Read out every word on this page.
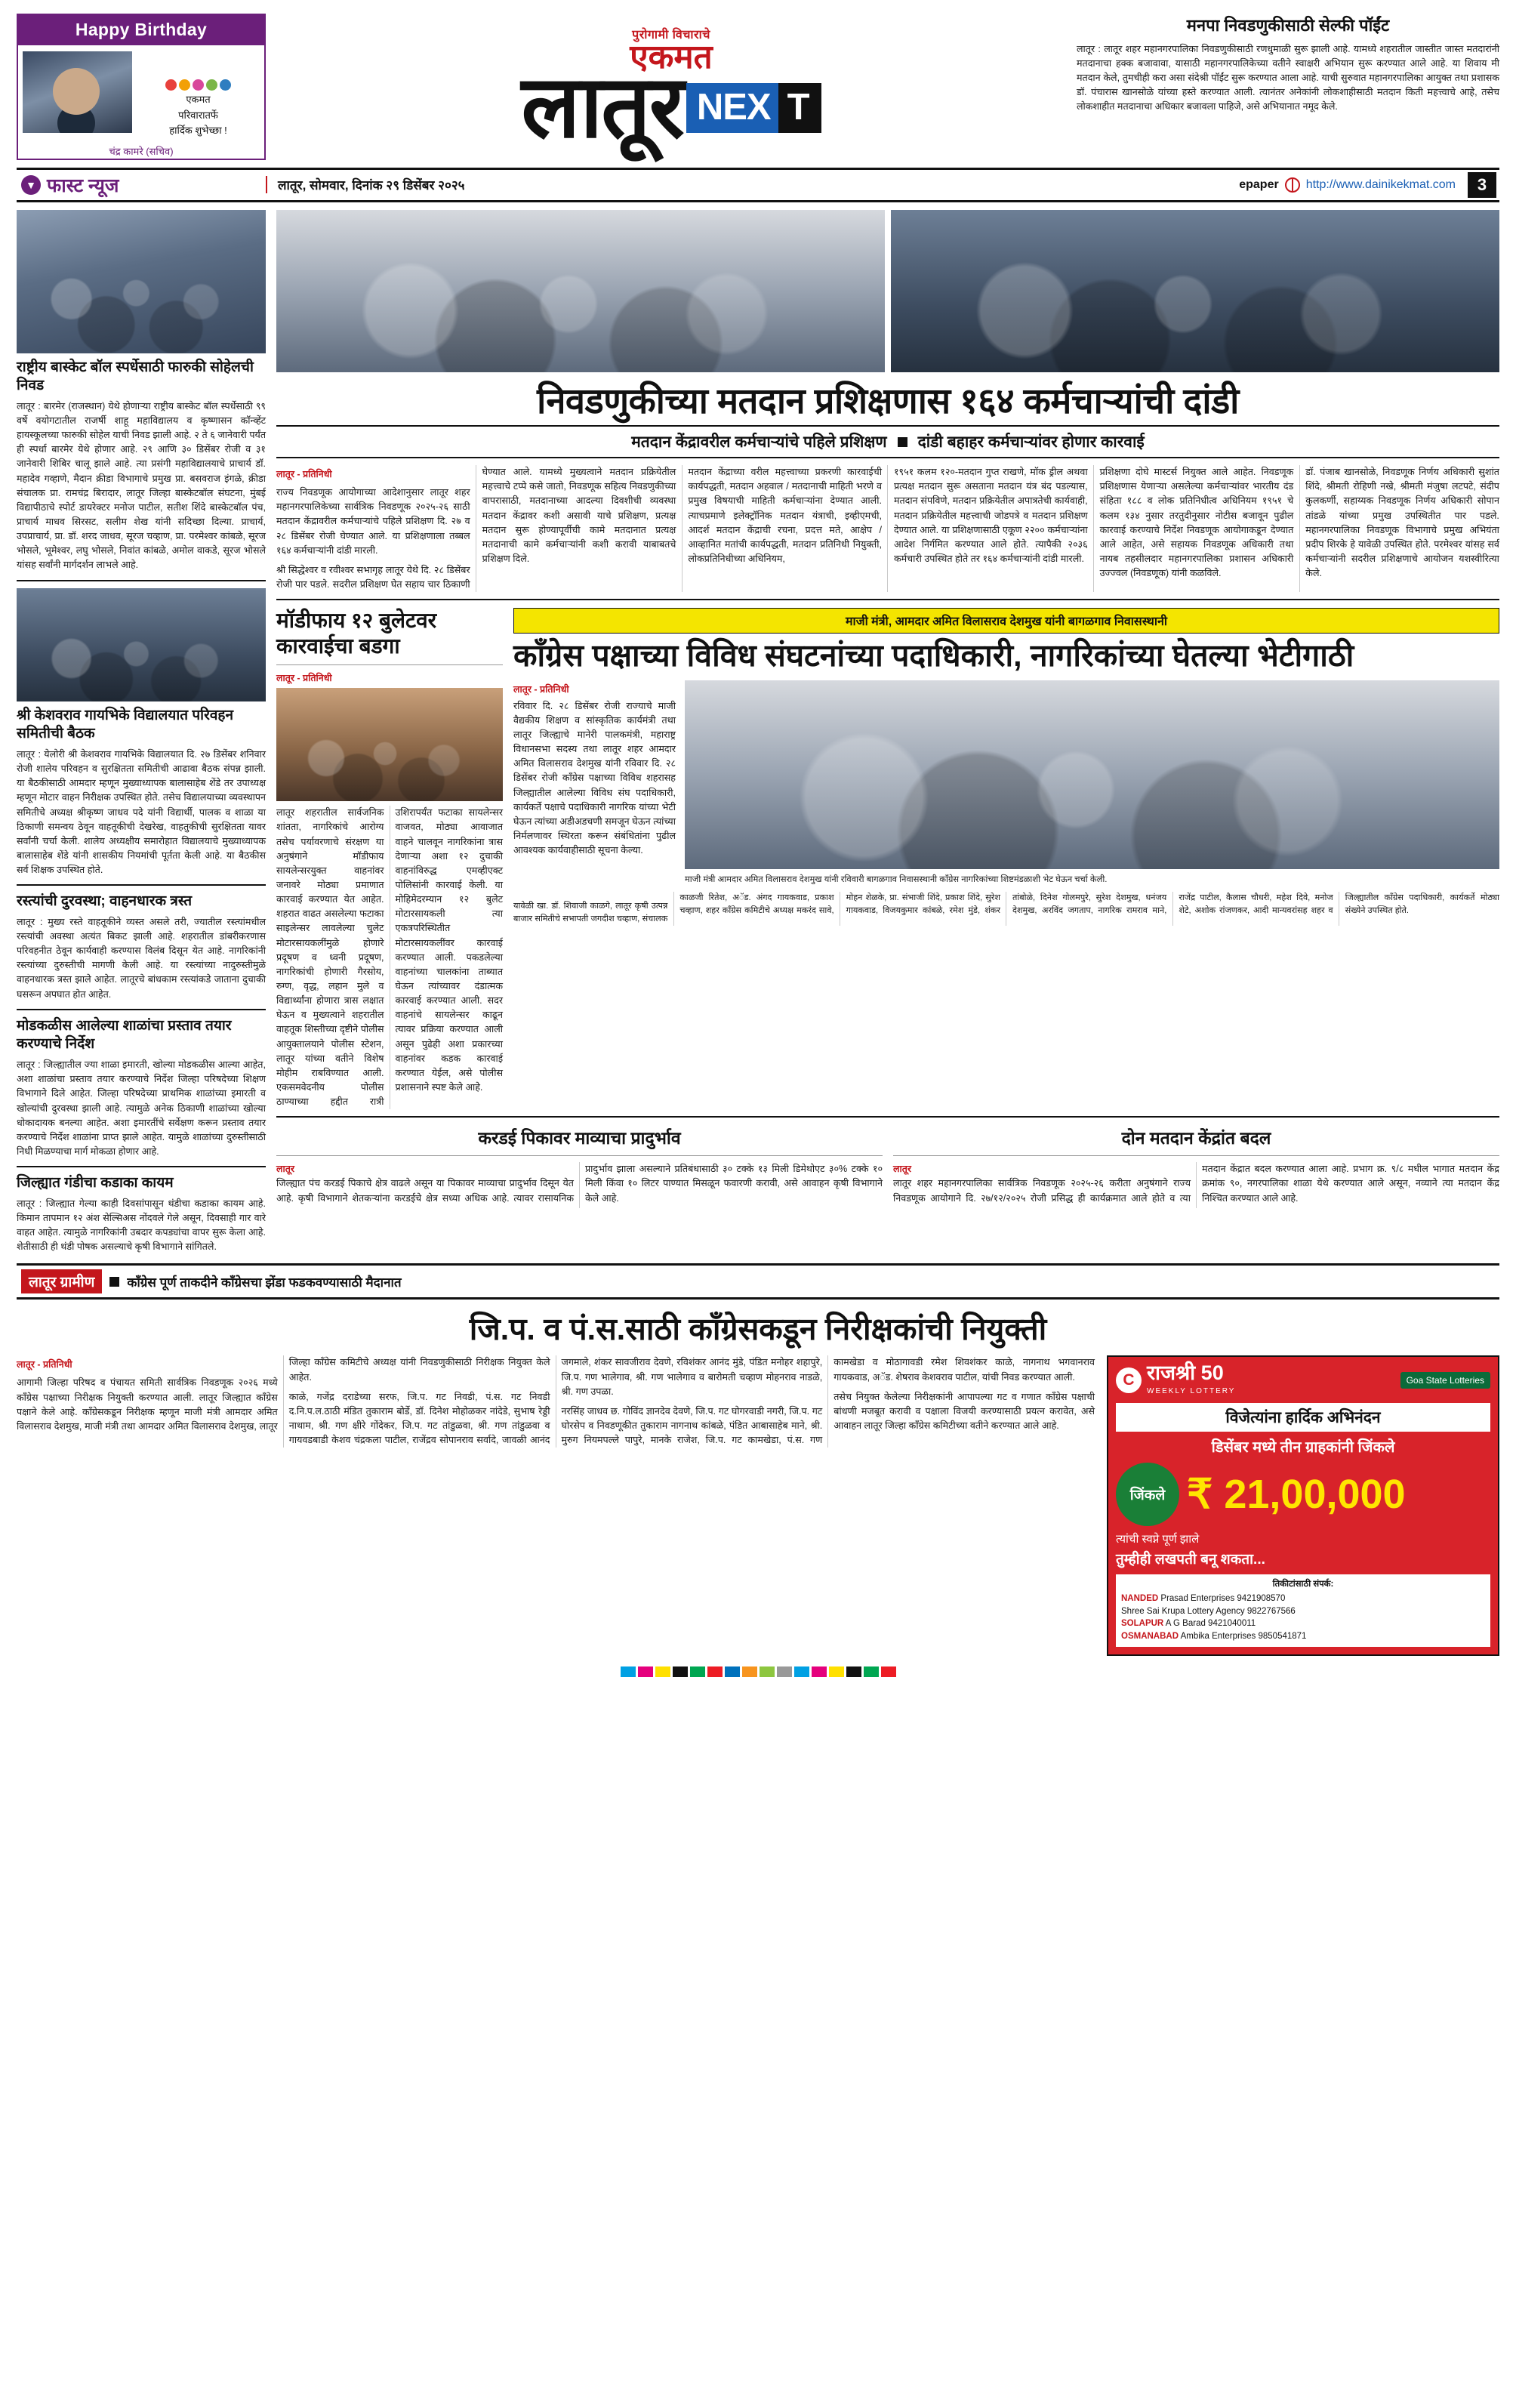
Happy Birthday

एकमत

परिवारातर्फे

हार्दिक शुभेच्छा !

चंद्र कामरे (सचिव)
पुरोगामी विचाराचे
एकमत
लातूर NEX T
मनपा निवडणुकीसाठी सेल्फी पॉईंट
लातूर : लातूर शहर महानगरपालिका निवडणुकीसाठी रणधुमाळी सुरू झाली आहे. यामध्ये शहरातील जास्तीत जास्त मतदारांनी मतदानाचा हक्क बजावावा, यासाठी महानगरपालिकेच्या वतीने स्वाक्षरी अभियान सुरू करण्यात आले आहे. या शिवाय मी मतदान केले, तुमचीही करा असा संदेश्री पॉईंट सुरू करण्यात आला आहे. याची सुरुवात महानगरपालिका आयुक्त तथा प्रशासक डॉ. पंचारास खानसोळे यांच्या हस्ते करण्यात आली. त्यानंतर अनेकांनी लोकशाहीसाठी मतदान किती महत्त्वाचे आहे, तसेच लोकशाहीत मतदानाचा अधिकार बजावला पाहिजे, असे अभियानात नमूद केले.
▼ फास्ट न्यूज	लातूर, सोमवार, दिनांक २९ डिसेंबर २०२५	epaper http://www.dainikekmat.com	3
राष्ट्रीय बास्केट बॉल स्पर्धेसाठी फारुकी सोहेलची निवड
लातूर : बारमेर (राजस्थान) येथे होणाऱ्या राष्ट्रीय बास्केट बॉल स्पर्धेसाठी ९९ वर्षे वयोगटातील राजर्षी शाहू महाविद्यालय व कृष्णासन कॉन्व्हेंट हायस्कूलच्या फारुकी सोहेल याची निवड झाली आहे. २ ते ६ जानेवारी पर्यंत ही स्पर्धा बारमेर येथे होणार आहे. २९ आणि ३० डिसेंबर रोजी व ३१ जानेवारी शिबिर चालू झाले आहे. त्या प्रसंगी महाविद्यालयाचे प्राचार्य डॉ. महादेव गव्हाणे, मैदान क्रीडा विभागाचे प्रमुख प्रा. बसवराज इंगळे, क्रीडा संचालक प्रा. रामचंद्र बिरादार, लातूर जिल्हा बास्केटबॉल संघटना, मुंबई विद्यापीठाचे स्पोर्ट डायरेक्टर मनोज पाटील, सतीश शिंदे बास्केटबॉल पंच, प्राचार्य माधव सिरसट, सलीम शेख यांनी सदिच्छा दिल्या. प्राचार्य, उपप्राचार्य, प्रा. डॉ. शरद जाधव, सूरज चव्हाण, प्रा. परमेश्वर कांबळे, सूरज भोसले, भूमेश्वर, लघु भोसले, निवांत कांबळे, अमोल वाकडे, सूरज भोसले यांसह सर्वांनी मार्गदर्शन लाभले आहे.
श्री केशवराव गायभिके विद्यालयात परिवहन समितीची बैठक
लातूर : येलोरी श्री केशवराव गायभिके विद्यालयात दि. २७ डिसेंबर शनिवार रोजी शालेय परिवहन व सुरक्षितता समितीची आढावा बैठक संपन्न झाली. या बैठकीसाठी आमदार म्हणून मुख्याध्यापक बालासाहेब शेंडे तर उपाध्यक्ष म्हणून मोटार वाहन निरीक्षक उपस्थित होते. तसेच विद्यालयाच्या व्यवस्थापन समितीचे अध्यक्ष श्रीकृष्ण जाधव पदे यांनी विद्यार्थी, पालक व शाळा या ठिकाणी समन्वय ठेवून वाहतूकीची देखरेख, वाहतुकीची सुरक्षितता यावर सर्वांनी चर्चा केली. शालेय अध्यक्षीय समारोहात विद्यालयाचे मुख्याध्यापक बालासाहेब शेंडे यांनी शासकीय नियमांची पूर्तता केली आहे. या बैठकीस सर्व शिक्षक उपस्थित होते.
रस्त्यांची दुरवस्था; वाहनधारक त्रस्त
लातूर : मुख्य रस्ते वाहतूकीने व्यस्त असले तरी, ज्यातील रस्त्यांमधील रस्त्यांची अवस्था अत्यंत बिकट झाली आहे. शहरातील डांबरीकरणास परिवहनीत ठेवून कार्यवाही करण्यास विलंब दिसून येत आहे. नागरिकांनी रस्त्यांच्या दुरुस्तीची मागणी केली आहे. या रस्त्यांच्या नादुरुस्तीमुळे वाहनधारक त्रस्त झाले आहेत. लातूरचे बांधकाम रस्त्यांकडे जाताना दुचाकी घसरून अपघात होत आहेत.
मोडकळीस आलेल्या शाळांचा प्रस्ताव तयार करण्याचे निर्देश
लातूर : जिल्ह्यातील ज्या शाळा इमारती, खोल्या मोडकळीस आल्या आहेत, अशा शाळांचा प्रस्ताव तयार करण्याचे निर्देश जिल्हा परिषदेच्या शिक्षण विभागाने दिले आहेत. जिल्हा परिषदेच्या प्राथमिक शाळांच्या इमारती व खोल्यांची दुरवस्था झाली आहे. त्यामुळे अनेक ठिकाणी शाळांच्या खोल्या धोकादायक बनल्या आहेत. अशा इमारतींचे सर्वेक्षण करून प्रस्ताव तयार करण्याचे निर्देश शाळांना प्राप्त झाले आहेत. यामुळे शाळांच्या दुरुस्तीसाठी निधी मिळण्याचा मार्ग मोकळा होणार आहे.
जिल्ह्यात गंडीचा कडाका कायम
लातूर : जिल्ह्यात गेल्या काही दिवसांपासून थंडीचा कडाका कायम आहे. किमान तापमान १२ अंश सेल्सिअस नोंदवले गेले असून, दिवसाही गार वारे वाहत आहेत. त्यामुळे नागरिकांनी उबदार कपड्यांचा वापर सुरू केला आहे. शेतीसाठी ही थंडी पोषक असल्याचे कृषी विभागाने सांगितले.
निवडणुकीच्या मतदान प्रशिक्षणास १६४ कर्मचाऱ्यांची दांडी
मतदान केंद्रावरील कर्मचाऱ्यांचे पहिले प्रशिक्षण दांडी बहाहर कर्मचाऱ्यांवर होणार कारवाई
लातूर - प्रतिनिधी

राज्य निवडणूक आयोगाच्या आदेशानुसार लातूर शहर महानगरपालिकेच्या सार्वत्रिक निवडणूक २०२५-२६ साठी मतदान केंद्रावरील कर्मचाऱ्यांचे पहिले प्रशिक्षण दि. २७ व २८ डिसेंबर रोजी घेण्यात आले. या प्रशिक्षणाला तब्बल १६४ कर्मचाऱ्यांनी दांडी मारली.

श्री सिद्धेश्वर व रवीश्वर सभागृह लातूर येथे दि. २८ डिसेंबर रोजी पार पडले. सदरील प्रशिक्षण घेत सहाय चार ठिकाणी घेण्यात आले. यामध्ये मुख्यत्वाने मतदान प्रक्रियेतील महत्त्वाचे टप्पे कसे जातो, निवडणूक सहित्य निवडणुकीच्या वापरासाठी, मतदानाच्या आदल्या दिवशीची व्यवस्था मतदान केंद्रावर कशी असावी याचे प्रशिक्षण, प्रत्यक्ष मतदान सुरू होण्यापूर्वीची कामे मतदानात प्रत्यक्ष मतदानाची कामे कर्मचाऱ्यांनी कशी करावी याबाबतचे प्रशिक्षण दिले.

मतदान केंद्राच्या वरील महत्त्वाच्या प्रकरणी कारवाईची कार्यपद्धती, मतदान अहवाल / मतदानाची माहिती भरणे व प्रमुख विषयाची माहिती कर्मचाऱ्यांना देण्यात आली. त्याचप्रमाणे इलेक्ट्रॉनिक मतदान यंत्राची, इव्हीएमची, आदर्श मतदान केंद्राची रचना, प्रदत्त मते, आक्षेप / आव्हानित मतांची कार्यपद्धती, मतदान प्रतिनिधी नियुक्ती, लोकप्रतिनिधीच्या अधिनियम,

१९५१ कलम १२०-मतदान गुप्त राखणे, मॉक ड्रील अथवा प्रत्यक्ष मतदान सुरू असताना मतदान यंत्र बंद पडल्यास, मतदान संपविणे, मतदान प्रक्रियेतील अपात्रतेची कार्यवाही, मतदान प्रक्रियेतील महत्त्वाची जोडपत्रे व मतदान प्रशिक्षण देण्यात आले. या प्रशिक्षणासाठी एकूण २२०० कर्मचाऱ्यांना आदेश निर्गमित करण्यात आले होते. त्यापैकी २०३६ कर्मचारी उपस्थित होते तर १६४ कर्मचाऱ्यांनी दांडी मारली.

प्रशिक्षणा दोघे मास्टर्स नियुक्त आले आहेत. निवडणूक प्रशिक्षणास येणाऱ्या असलेल्या कर्मचाऱ्यांवर भारतीय दंड संहिता १८८ व लोक प्रतिनिधीत्व अधिनियम १९५१ चे कलम १३४ नुसार तरतुदीनुसार नोटीस बजावून पुढील कारवाई करण्याचे निर्देश निवडणूक आयोगाकडून देण्यात आले आहेत, असे सहायक निवडणूक अधिकारी तथा नायब तहसीलदार महानगरपालिका प्रशासन अधिकारी उज्ज्वल (निवडणूक) यांनी कळविले.

डॉ. पंजाब खानसोळे, निवडणूक निर्णय अधिकारी सुशांत शिंदे, श्रीमती रोहिणी नखे, श्रीमती मंजुषा लटपटे, संदीप कुलकर्णी, सहाय्यक निवडणूक निर्णय अधिकारी सोपान तांडळे यांच्या प्रमुख उपस्थितीत पार पडले. महानगरपालिका निवडणूक विभागाचे प्रमुख अभियंता प्रदीप शिरके हे यावेळी उपस्थित होते. परमेश्वर यांसह सर्व कर्मचाऱ्यांनी सदरील प्रशिक्षणाचे आयोजन यशस्वीरित्या केले.

मॉडीफाय १२ बुलेटवर कारवाईचा बडगा
लातूर - प्रतिनिधी

लातूर शहरातील सार्वजनिक शांतता, नागरिकांचे आरोग्य तसेच पर्यावरणाचे संरक्षण या अनुषंगाने मॉडीफाय सायलेन्सरयुक्त वाहनांवर जनावरे मोठ्या प्रमाणात कारवाई करण्यात येत आहेत. शहरात वाढत असलेल्या फटाका साइलेन्सर लावलेल्या चुलेट मोटारसायकलींमुळे होणारे प्रदूषण व ध्वनी प्रदूषण, नागरिकांची होणारी गैरसोय, रुग्ण, वृद्ध, लहान मुले व विद्यार्थ्यांना होणारा त्रास लक्षात घेऊन व मुख्यत्वाने शहरातील वाहतूक शिस्तीच्या दृष्टीने पोलीस आयुक्तालयाने पोलीस स्टेशन, लातूर यांच्या वतीने विशेष मोहीम राबविण्यात आली. एकसमवेदनीय पोलीस ठाण्याच्या हद्दीत रात्री उशिरापर्यंत फटाका सायलेन्सर वाजवत, मोठ्या आवाजात वाहने चालवून नागरिकांना त्रास देणाऱ्या अशा १२ दुचाकी वाहनांविरुद्ध एमव्हीएक्ट पोलिसांनी कारवाई केली. या मोहिमेदरम्यान १२ बुलेट मोटारसायकली त्या एकत्रपरिस्थितीत मोटारसायकलींवर कारवाई करण्यात आली. पकडलेल्या वाहनांच्या चालकांना ताब्यात घेऊन त्यांच्यावर दंडात्मक कारवाई करण्यात आली. सदर वाहनांचे सायलेन्सर काढून त्यावर प्रक्रिया करण्यात आली असून पुढेही अशा प्रकारच्या वाहनांवर कडक कारवाई करण्यात येईल, असे पोलीस प्रशासनाने स्पष्ट केले आहे.

माजी मंत्री, आमदार अमित विलासराव देशमुख यांनी बागळगाव निवासस्थानी
काँग्रेस पक्षाच्या विविध संघटनांच्या पदाधिकारी, नागरिकांच्या घेतल्या भेटीगाठी
लातूर - प्रतिनिधी
रविवार दि. २८ डिसेंबर रोजी राज्याचे माजी वैद्यकीय शिक्षण व सांस्कृतिक कार्यमंत्री तथा लातूर जिल्ह्याचे मानेरी पालकमंत्री, महाराष्ट्र विधानसभा सदस्य तथा लातूर शहर आमदार अमित विलासराव देशमुख यांनी रविवार दि. २८ डिसेंबर रोजी काँग्रेस पक्षाच्या विविध शहरासह जिल्ह्यातील आलेल्या विविध संघ पदाधिकारी, कार्यकर्ते पक्षाचे पदाधिकारी नागरिक यांच्या भेटी घेऊन त्यांच्या अडीअडचणी समजून घेऊन त्यांच्या निर्मलणावर स्थिरता करून संबंधितांना पुढील आवश्यक कार्यवाहीसाठी सूचना केल्या.
माजी मंत्री आमदार अमित विलासराव देशमुख यांनी रविवारी बागळगाव निवासस्थानी काँग्रेस नागरिकांच्या शिष्टमंडळाशी भेट घेऊन चर्चा केली.

यावेळी खा. डॉ. शिवाजी काळगे, लातूर कृषी उत्पन्न बाजार समितीचे सभापती जगदीश चव्हाण, संचालक काळजी रितेश, अॅड. अंगद गायकवाड, प्रकाश चव्हाण, शहर काँग्रेस कमिटीचे अध्यक्ष मकरंद सावे, मोहन शेळके, प्रा. संभाजी शिंदे, प्रकाश शिंदे, सुरेश गायकवाड, विजयकुमार कांबळे, रमेश मुंडे, शंकर तांबोळे, दिनेश गोलमपुरे, सुरेश देशमुख, धनंजय देशमुख, अरविंद जगताप, नागरिक रामराव माने, राजेंद्र पाटील, कैलास चौधरी, महेश दिवे, मनोज शेटे, अशोक रांजणकर, आदी मान्यवरांसह शहर व जिल्ह्यातील काँग्रेस पदाधिकारी, कार्यकर्ते मोठ्या संख्येने उपस्थित होते.

करडई पिकावर माव्याचा प्रादुर्भाव
लातूर

जिल्ह्यात पंच करडई पिकाचे क्षेत्र वाढले असून या पिकावर माव्याचा प्रादुर्भाव दिसून येत आहे. कृषी विभागाने शेतकऱ्यांना करडईचे क्षेत्र सध्या अधिक आहे. त्यावर रासायनिक प्रादुर्भाव झाला असल्याने प्रतिबंधासाठी ३० टक्के १३ मिली डिमेथोएट ३०% टक्के १० मिली किंवा १० लिटर पाण्यात मिसळून फवारणी करावी, असे आवाहन कृषी विभागाने केले आहे.

दोन मतदान केंद्रांत बदल
लातूर

लातूर शहर महानगरपालिका सार्वत्रिक निवडणूक २०२५-२६ करीता अनुषंगाने राज्य निवडणूक आयोगाने दि. २७/१२/२०२५ रोजी प्रसिद्ध ही कार्यक्रमात आले होते व त्या मतदान केंद्रात बदल करण्यात आला आहे. प्रभाग क्र. ९/८ मधील भागात मतदान केंद्र क्रमांक ९०, नगरपालिका शाळा येथे करण्यात आले असून, नव्याने त्या मतदान केंद्र निश्चित करण्यात आले आहे.

लातूर ग्रामीण	काँग्रेस पूर्ण ताकदीने काँग्रेसचा झेंडा फडकवण्यासाठी मैदानात
जि.प. व पं.स.साठी काँग्रेसकडून निरीक्षकांची नियुक्ती
लातूर - प्रतिनिधी

आगामी जिल्हा परिषद व पंचायत समिती सार्वत्रिक निवडणूक २०२६ मध्ये काँग्रेस पक्षाच्या निरीक्षक नियुक्ती करण्यात आली. लातूर जिल्ह्यात काँग्रेस पक्षाने केले आहे. काँग्रेसकडून निरीक्षक म्हणून माजी मंत्री आमदार अमित विलासराव देशमुख, माजी मंत्री तथा आमदार अमित विलासराव देशमुख, लातूर जिल्हा काँग्रेस कमिटीचे अध्यक्ष यांनी निवडणुकीसाठी निरीक्षक नियुक्त केले आहेत.

काळे, गजेंद्र दराडेच्या सरफ, जि.प. गट निवडी, पं.स. गट निवडी द.नि.प.ल.ठाठी मंडित तुकाराम बोर्डे, डॉ. दिनेश मोहोळकर नांदेडे, सुभाष रेड्डी नाथाम, श्री. गण क्षीरे गोंदेकर, जि.प. गट तांडुळवा, श्री. गण तांडुळवा व गायवडबाडी केशव चंद्रकला पाटील, राजेंद्रव सोपानराव सर्वादे, जावळी आनंद जगमाले, शंकर सावजीराव देवणे, रविशंकर आनंद मुंडे, पंडित मनोहर शहापुरे, जि.प. गण भालेगाव, श्री. गण भालेगाव व बारोमती चव्हाण मोहनराव नाडळे, श्री. गण उपळा.

नरसिंह जाधव छ. गोविंद ज्ञानदेव देवणे, जि.प. गट घोगरवाडी नगरी, जि.प. गट घोरसेप व निवडणूकीत तुकाराम नागनाथ कांबळे, पंडित आबासाहेब माने, श्री. मुरुग नियमपल्ले पापुरे, मानके राजेश, जि.प. गट कामखेडा, पं.स. गण कामखेडा व मोठागावडी रमेश शिवशंकर काळे, नागनाथ भगवानराव गायकवाड, अॅड. शेषराव केशवराव पाटील, यांची निवड करण्यात आली.

तसेच नियुक्त केलेल्या निरीक्षकांनी आपापल्या गट व गणात काँग्रेस पक्षाची बांधणी मजबूत करावी व पक्षाला विजयी करण्यासाठी प्रयत्न करावेत, असे आवाहन लातूर जिल्हा काँग्रेस कमिटीच्या वतीने करण्यात आले आहे.

C राजश्री 50
WEEKLY LOTTERY
Goa State Lotteries
विजेत्यांना हार्दिक अभिनंदन
डिसेंबर मध्ये तीन ग्राहकांनी जिंकले
जिंकले ₹ 21,00,000
त्यांची स्वप्ने पूर्ण झाले
तुम्हीही लखपती बनू शकता...
तिकीटांसाठी संपर्क:
NANDED Prasad Enterprises 9421908570
Shree Sai Krupa Lottery Agency 9822767566
SOLAPUR A G Barad 9421040011
OSMANABAD Ambika Enterprises 9850541871
